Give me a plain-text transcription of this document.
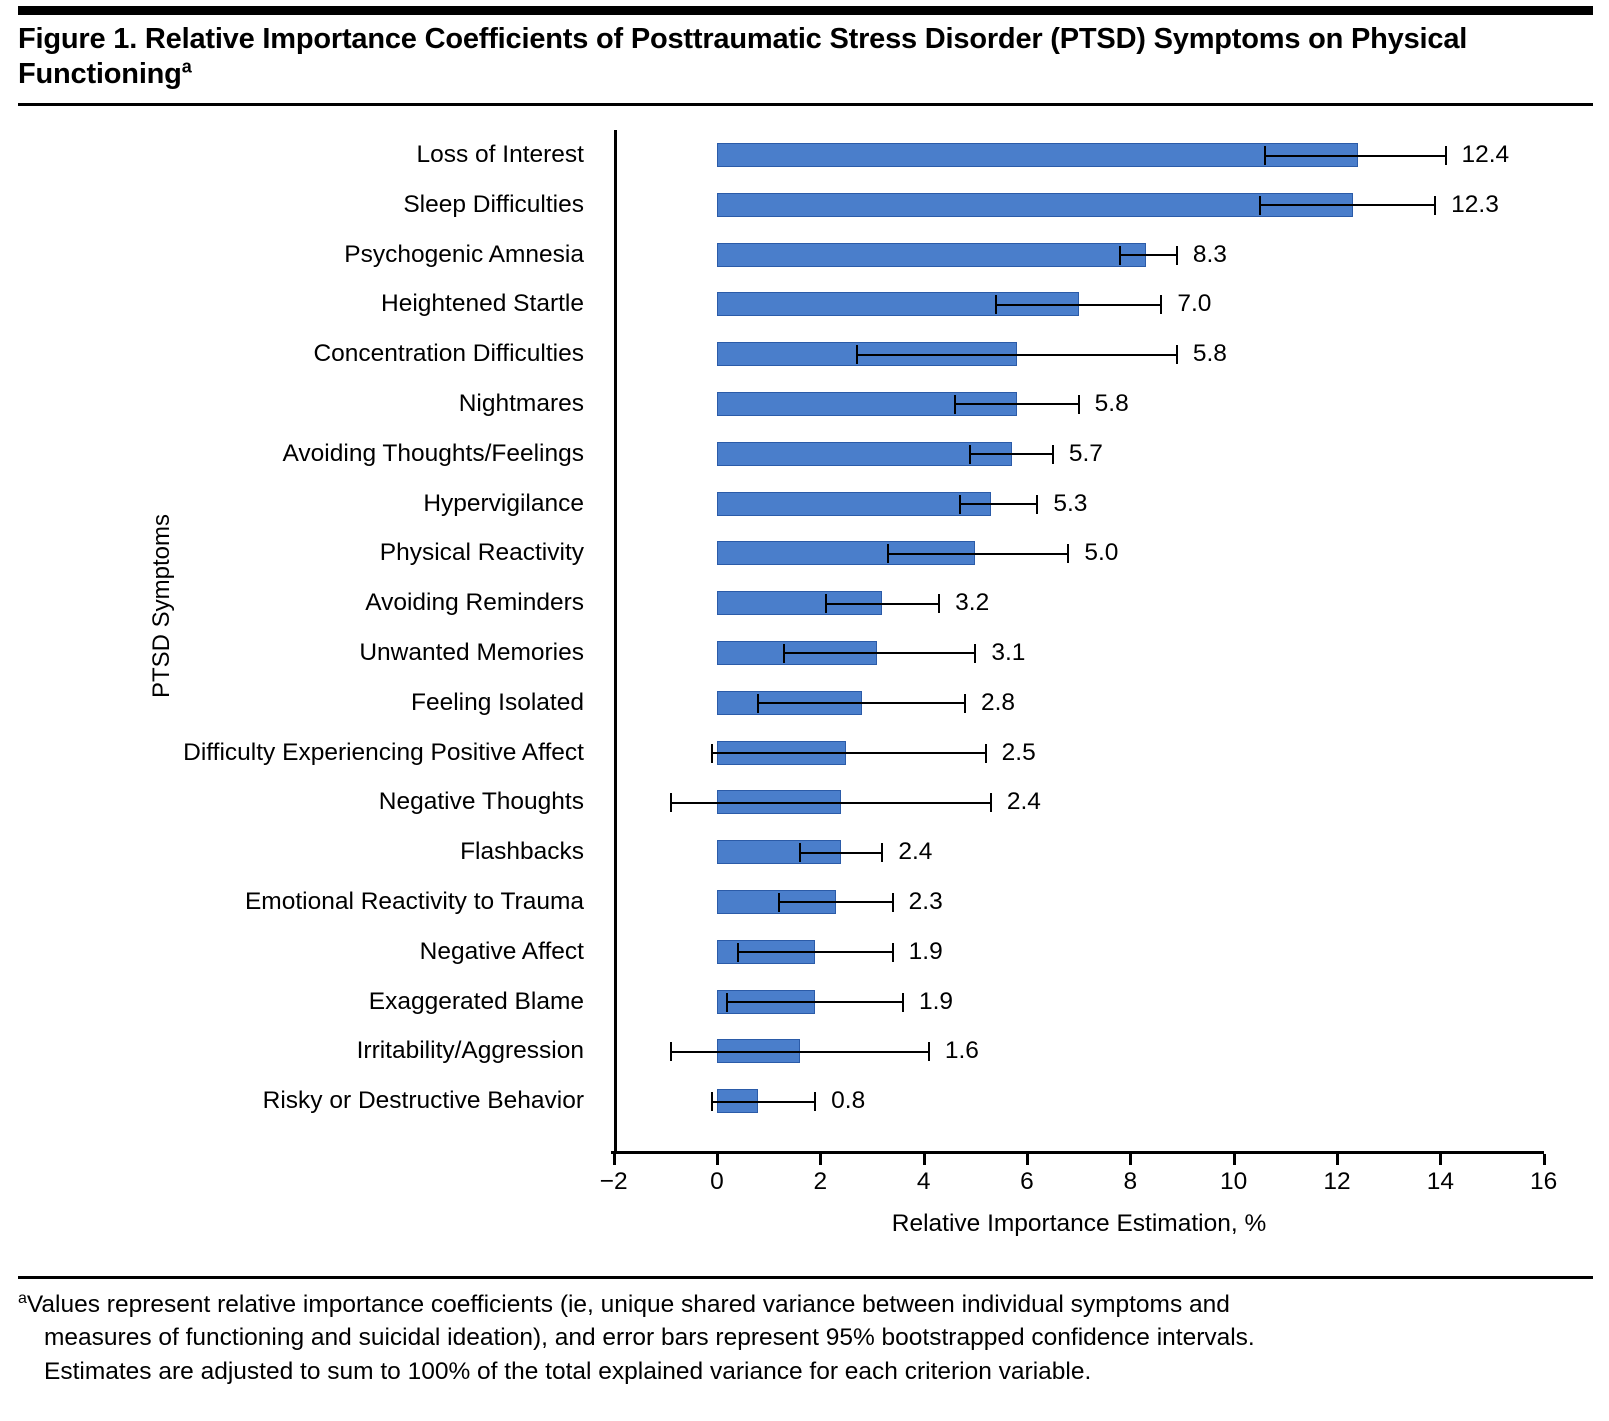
Figure 1. Relative Importance Coefficients of Posttraumatic Stress Disorder (PTSD) Symptoms on Physical Functioning$^a$
PTSD Symptoms
Loss of Interest
Sleep Difficulties
Psychogenic Amnesia
Heightened Startle
Concentration Difficulties
Nightmares
Avoiding Thoughts/Feelings
Hypervigilance
Physical Reactivity
Avoiding Reminders
Unwanted Memories
Feeling Isolated
Difficulty Experiencing Positive Affect
Negative Thoughts
Flashbacks
Emotional Reactivity to Trauma
Negative Affect
Exaggerated Blame
Irritability/Aggression
Risky or Destructive Behavior
12.4
12.3
8.3
7.0
5.8
5.8
5.7
5.3
5.0
3.2
3.1
2.8
2.5
2.4
2.4
2.3
1.9
1.9
1.6
0.8
−2	0	2	4	6	8	10	12	14	16
Relative Importance Estimation, %
$^a$Values represent relative importance coefficients (ie, unique shared variance between individual symptoms and
measures of functioning and suicidal ideation), and error bars represent 95% bootstrapped confidence intervals.
Estimates are adjusted to sum to 100% of the total explained variance for each criterion variable.
